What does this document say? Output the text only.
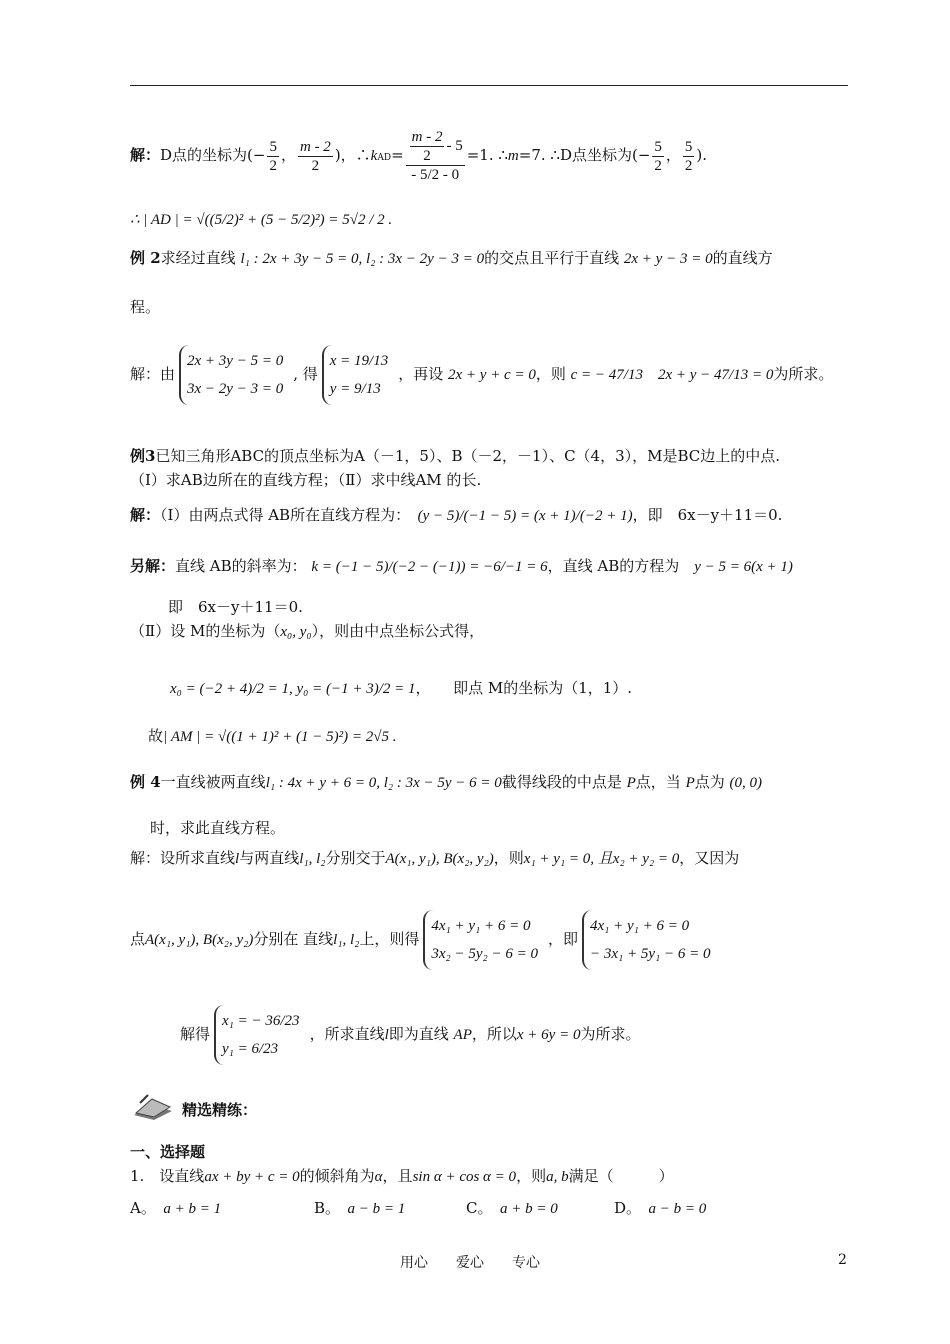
解：D点的坐标为(− $\frac{5}{2}$ ， $\frac{m - 2}{2}$ )，∴kAD= $\frac{\frac{m - 2}{2} - 5}{- 5/2 - 0} =1$. ∴m=7. ∴D点坐标为(− $\frac{5}{2}$ ， $\frac{5}{2}$ ).
∴ | AD | = √((5/2)² + (5 − 5/2)²) = 5√2 / 2 .
例 2求经过直线 l₁ : 2x + 3y − 5 = 0, l₂ : 3x − 2y − 3 = 0的交点且平行于直线 2x + y − 3 = 0的直线方
程。
解：由
2x + 3y − 5 = 0
3x − 2y − 3 = 0
, 得
x = 19/13
y = 9/13
，再设 2x + y + c = 0，则 c = − 47/13　 2x + y − 47/13 = 0为所求。
例3已知三角形ABC的顶点坐标为A（－1，5）、B（－2，－1）、C（4，3），M是BC边上的中点.
（Ⅰ）求AB边所在的直线方程；（Ⅱ）求中线AM 的长.
解：（Ⅰ）由两点式得 AB所在直线方程为：　 (y − 5)/(−1 − 5) = (x + 1)/(−2 + 1)，即　6x－y＋11＝0.
另解：直线 AB的斜率为： k = (−1 − 5)/(−2 − (−1)) = −6/−1 = 6，直线 AB的方程为　 y − 5 = 6(x + 1)
即　6x－y＋11＝0.
（Ⅱ）设 M的坐标为（x₀, y₀），则由中点坐标公式得，
x₀ = (−2 + 4)/2 = 1, y₀ = (−1 + 3)/2 = 1，　　即点 M的坐标为（1，1）.
故| AM | = √((1 + 1)² + (1 − 5)²) = 2√5 .
例 4一直线被两直线l₁ : 4x + y + 6 = 0, l₂ : 3x − 5y − 6 = 0截得线段的中点是 P点，当 P点为 (0, 0)
时，求此直线方程。
解：设所求直线l与两直线l₁, l₂分别交于A(x₁, y₁), B(x₂, y₂)，则x₁ + y₁ = 0, 且x₂ + y₂ = 0，又因为
点A(x₁, y₁), B(x₂, y₂)分别在 直线l₁, l₂上，则得
4x₁ + y₁ + 6 = 0
3x₂ − 5y₂ − 6 = 0
，即
4x₁ + y₁ + 6 = 0
− 3x₁ + 5y₁ − 6 = 0
解得
x₁ = − 36/23
y₁ = 6/23
，所求直线l即为直线 AP，所以x + 6y = 0为所求。
精选精练：
一、选择题
1.　设直线ax + by + c = 0的倾斜角为α，且sin α + cos α = 0，则a, b满足（　　　）
A。　 a + b = 1	B。　 a − b = 1	C。　 a + b = 0	D。　 a − b = 0
用心　　爱心　　专心	2
